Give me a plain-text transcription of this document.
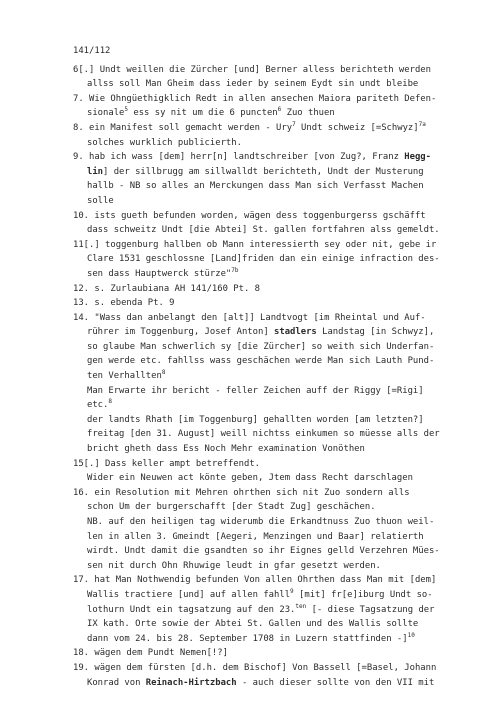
141/112
6[.] Undt weillen die Zürcher [und] Berner alless berichteth werden
allss soll Man Gheim dass ieder by seinem Eydt sin undt bleibe
7. Wie Ohngüethigklich Redt in allen ansechen Maiora pariteth Defen-
sionale$^5$ ess sy nit um die 6 puncten$^6$ Zuo thuen
8. ein Manifest soll gemacht werden - Ury$^7$ Undt schweiz [=Schwyz]$^{7a}$
solches wurklich publicierth.
9. hab ich wass [dem] herr[n] landtschreiber [von Zug?, Franz Hegg-
lin] der sillbrugg am sillwalldt berichteth, Undt der Musterung
hallb - NB so alles an Merckungen dass Man sich Verfasst Machen
solle
10. ists gueth befunden worden, wägen dess toggenburgerss gschäfft
dass schweitz Undt [die Abtei] St. gallen fortfahren alss gemeldt.
11[.] toggenburg hallben ob Mann interessierth sey oder nit, gebe ir
Clare 1531 geschlossne [Land]friden dan ein einige infraction des-
sen dass Hauptwerck stürze"$^{7b}$
12. s. Zurlaubiana AH 141/160 Pt. 8
13. s. ebenda Pt. 9
14. "Wass dan anbelangt den [alt]] Landtvogt [im Rheintal und Auf-
rührer im Toggenburg, Josef Anton] stadlers Landstag [in Schwyz],
so glaube Man schwerlich sy [die Zürcher] so weith sich Underfan-
gen werde etc. fahllss wass geschächen werde Man sich Lauth Pund-
ten Verhallten$^8$
Man Erwarte ihr bericht - feller Zeichen auff der Riggy [=Rigi]
etc.$^8$
der landts Rhath [im Toggenburg] gehallten worden [am letzten?]
freitag [den 31. August] weill nichtss einkumen so müesse alls der
bricht gheth dass Ess Noch Mehr examination Vonöthen
15[.] Dass keller ampt betreffendt.
Wider ein Neuwen act könte geben, Jtem dass Recht darschlagen
16. ein Resolution mit Mehren ohrthen sich nit Zuo sondern alls
schon Um der burgerschafft [der Stadt Zug] geschächen.
NB. auf den heiligen tag widerumb die Erkandtnuss Zuo thuon weil-
len in allen 3. Gmeindt [Aegeri, Menzingen und Baar] relatierth
wirdt. Undt damit die gsandten so ihr Eignes gelld Verzehren Mües-
sen nit durch Ohn Rhuwige leudt in gfar gesetzt werden.
17. hat Man Nothwendig befunden Von allen Ohrthen dass Man mit [dem]
Wallis tractiere [und] auf allen fahll$^9$ [mit] fr[e]iburg Undt so-
lothurn Undt ein tagsatzung auf den 23.$^{ten}$ [- diese Tagsatzung der
IX kath. Orte sowie der Abtei St. Gallen und des Wallis sollte
dann vom 24. bis 28. September 1708 in Luzern stattfinden -]$^{10}$
18. wägen dem Pundt Nemen[!?]
19. wägen dem fürsten [d.h. dem Bischof] Von Bassell [=Basel, Johann
Konrad von Reinach-Hirtzbach - auch dieser sollte von den VII mit
